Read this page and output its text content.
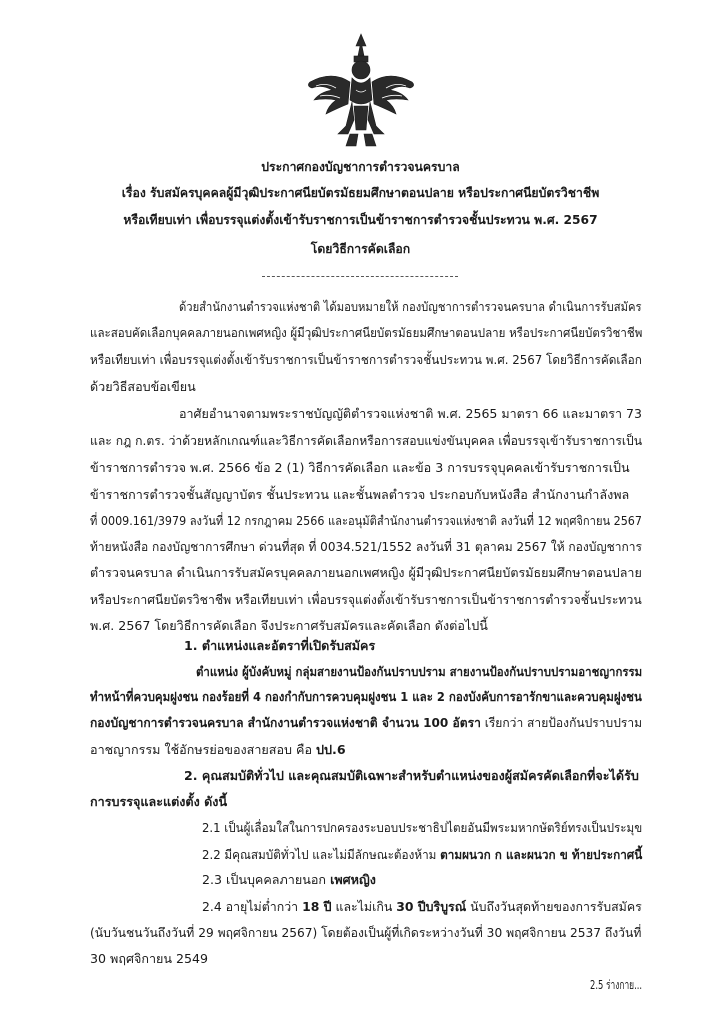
ประกาศกองบัญชาการตำรวจนครบาล
เรื่อง รับสมัครบุคคลผู้มีวุฒิประกาศนียบัตรมัธยมศึกษาตอนปลาย หรือประกาศนียบัตรวิชาชีพ
หรือเทียบเท่า เพื่อบรรจุแต่งตั้งเข้ารับราชการเป็นข้าราชการตำรวจชั้นประทวน พ.ศ. 2567
โดยวิธีการคัดเลือก
ด้วยสำนักงานตำรวจแห่งชาติ ได้มอบหมายให้ กองบัญชาการตำรวจนครบาล ดำเนินการรับสมัคร
และสอบคัดเลือกบุคคลภายนอกเพศหญิง ผู้มีวุฒิประกาศนียบัตรมัธยมศึกษาตอนปลาย หรือประกาศนียบัตรวิชาชีพ
หรือเทียบเท่า เพื่อบรรจุแต่งตั้งเข้ารับราชการเป็นข้าราชการตำรวจชั้นประทวน พ.ศ. 2567 โดยวิธีการคัดเลือก
ด้วยวิธีสอบข้อเขียน
อาศัยอำนาจตามพระราชบัญญัติตำรวจแห่งชาติ พ.ศ. 2565 มาตรา 66 และมาตรา 73
และ กฎ ก.ตร. ว่าด้วยหลักเกณฑ์และวิธีการคัดเลือกหรือการสอบแข่งขันบุคคล เพื่อบรรจุเข้ารับราชการเป็น
ข้าราชการตำรวจ พ.ศ. 2566 ข้อ 2 (1) วิธีการคัดเลือก และข้อ 3 การบรรจุบุคคลเข้ารับราชการเป็น
ข้าราชการตำรวจชั้นสัญญาบัตร ชั้นประทวน และชั้นพลตำรวจ ประกอบกับหนังสือ สำนักงานกำลังพล
ที่ 0009.161/3979 ลงวันที่ 12 กรกฎาคม 2566 และอนุมัติสำนักงานตำรวจแห่งชาติ ลงวันที่ 12 พฤศจิกายน 2567
ท้ายหนังสือ กองบัญชาการศึกษา ด่วนที่สุด ที่ 0034.521/1552 ลงวันที่ 31 ตุลาคม 2567 ให้ กองบัญชาการ
ตำรวจนครบาล ดำเนินการรับสมัครบุคคลภายนอกเพศหญิง ผู้มีวุฒิประกาศนียบัตรมัธยมศึกษาตอนปลาย
หรือประกาศนียบัตรวิชาชีพ หรือเทียบเท่า เพื่อบรรจุแต่งตั้งเข้ารับราชการเป็นข้าราชการตำรวจชั้นประทวน
พ.ศ. 2567 โดยวิธีการคัดเลือก จึงประกาศรับสมัครและคัดเลือก ดังต่อไปนี้
1. ตำแหน่งและอัตราที่เปิดรับสมัคร
ตำแหน่ง ผู้บังคับหมู่ กลุ่มสายงานป้องกันปราบปราม สายงานป้องกันปราบปรามอาชญากรรม
ทำหน้าที่ควบคุมฝูงชน กองร้อยที่ 4 กองกำกับการควบคุมฝูงชน 1 และ 2 กองบังคับการอารักขาและควบคุมฝูงชน
กองบัญชาการตำรวจนครบาล สำนักงานตำรวจแห่งชาติ จำนวน 100 อัตรา เรียกว่า สายป้องกันปราบปราม
อาชญากรรม ใช้อักษรย่อของสายสอบ คือ ปป.6
2. คุณสมบัติทั่วไป และคุณสมบัติเฉพาะสำหรับตำแหน่งของผู้สมัครคัดเลือกที่จะได้รับ
การบรรจุและแต่งตั้ง ดังนี้
2.1 เป็นผู้เลื่อมใสในการปกครองระบอบประชาธิปไตยอันมีพระมหากษัตริย์ทรงเป็นประมุข
2.2 มีคุณสมบัติทั่วไป และไม่มีลักษณะต้องห้าม ตามผนวก ก และผนวก ข ท้ายประกาศนี้
2.3 เป็นบุคคลภายนอก เพศหญิง
2.4 อายุไม่ต่ำกว่า 18 ปี และไม่เกิน 30 ปีบริบูรณ์ นับถึงวันสุดท้ายของการรับสมัคร
(นับวันชนวันถึงวันที่ 29 พฤศจิกายน 2567) โดยต้องเป็นผู้ที่เกิดระหว่างวันที่ 30 พฤศจิกายน 2537 ถึงวันที่
30 พฤศจิกายน 2549
2.5 ร่างกาย...
